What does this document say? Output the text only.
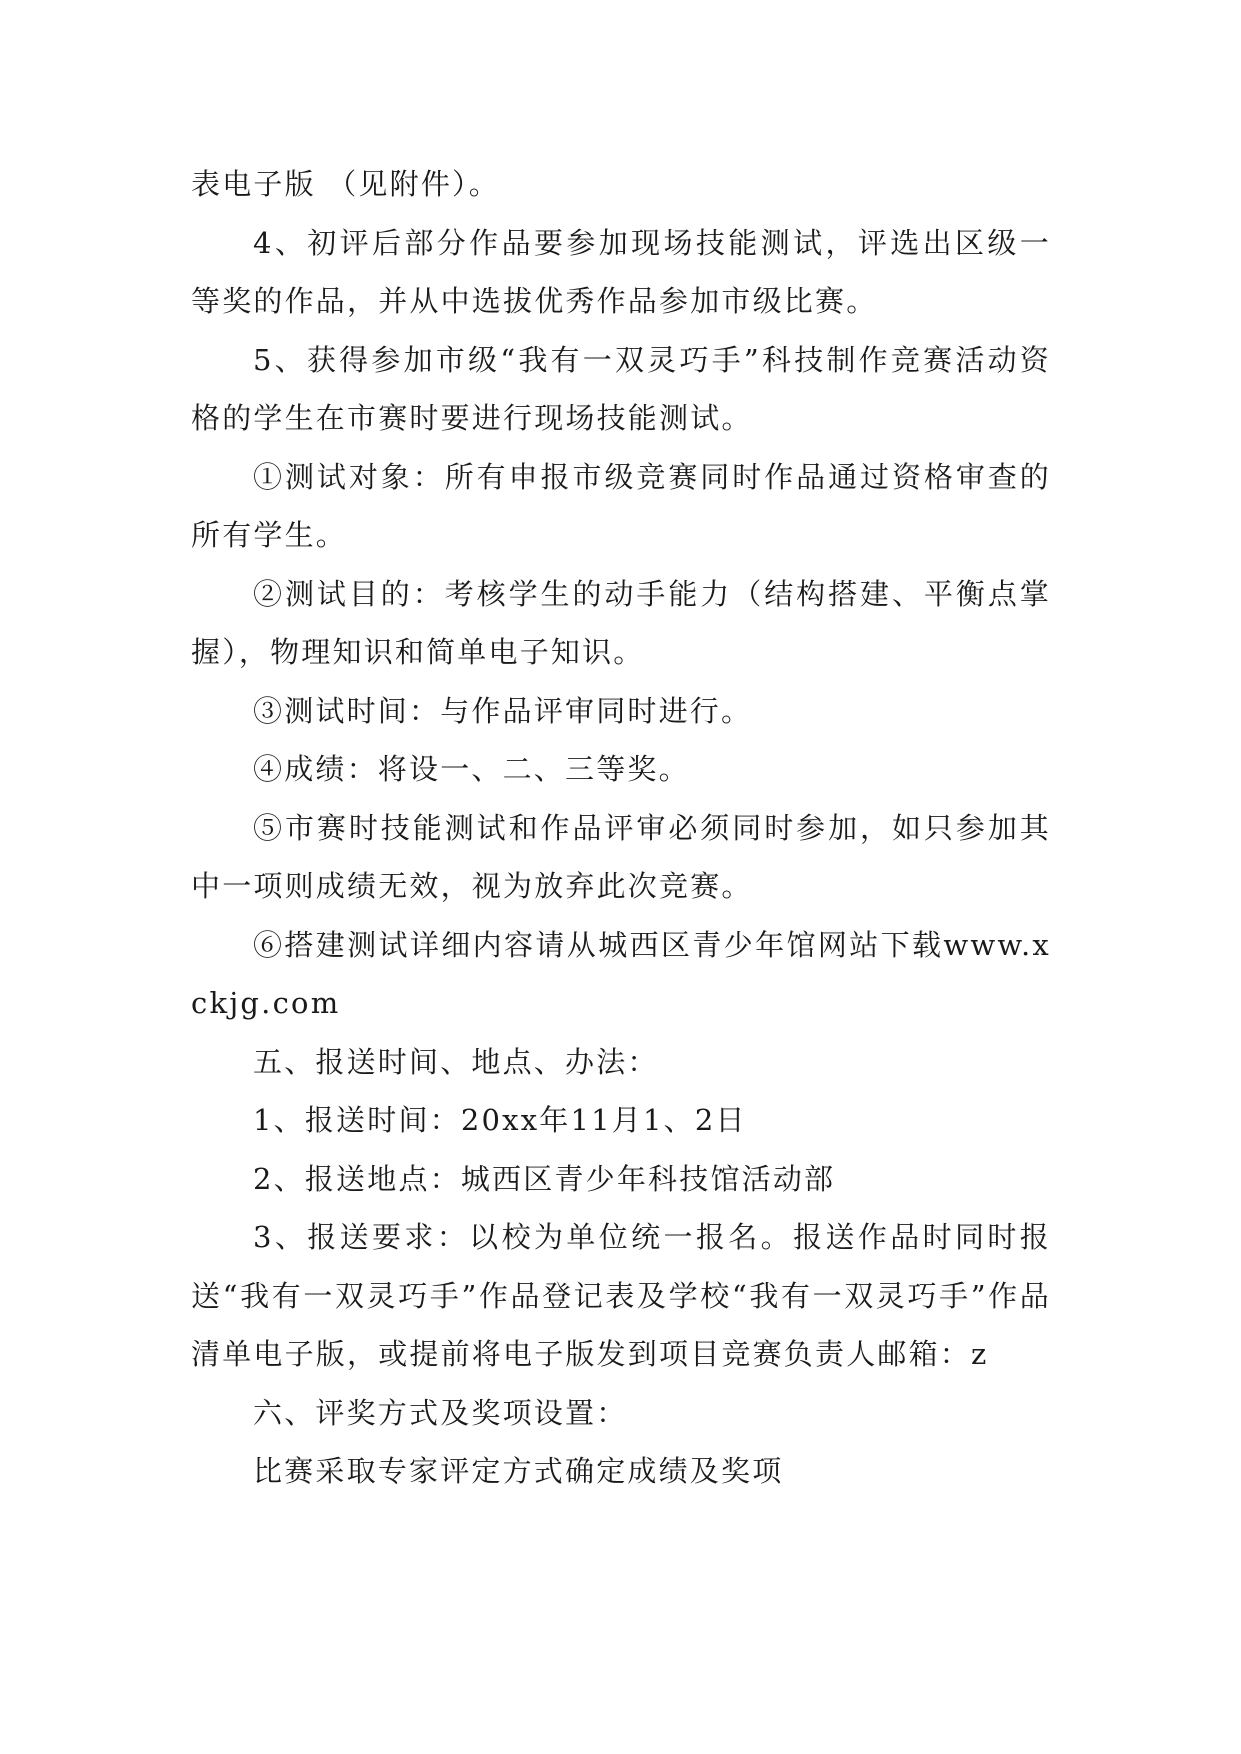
表电子版 （见附件）。

4、初评后部分作品要参加现场技能测试，评选出区级一等奖的作品，并从中选拔优秀作品参加市级比赛。

5、获得参加市级“我有一双灵巧手”科技制作竞赛活动资格的学生在市赛时要进行现场技能测试。

①测试对象：所有申报市级竞赛同时作品通过资格审查的所有学生。

②测试目的：考核学生的动手能力（结构搭建、平衡点掌握），物理知识和简单电子知识。

③测试时间：与作品评审同时进行。

④成绩：将设一、二、三等奖。

⑤市赛时技能测试和作品评审必须同时参加，如只参加其中一项则成绩无效，视为放弃此次竞赛。

⑥搭建测试详细内容请从城西区青少年馆网站下载www.xckjg.com

五、报送时间、地点、办法：

1、报送时间：20xx年11月1、2日

2、报送地点：城西区青少年科技馆活动部

3、报送要求：以校为单位统一报名。报送作品时同时报送“我有一双灵巧手”作品登记表及学校“我有一双灵巧手”作品清单电子版，或提前将电子版发到项目竞赛负责人邮箱：z

六、评奖方式及奖项设置：

比赛采取专家评定方式确定成绩及奖项
